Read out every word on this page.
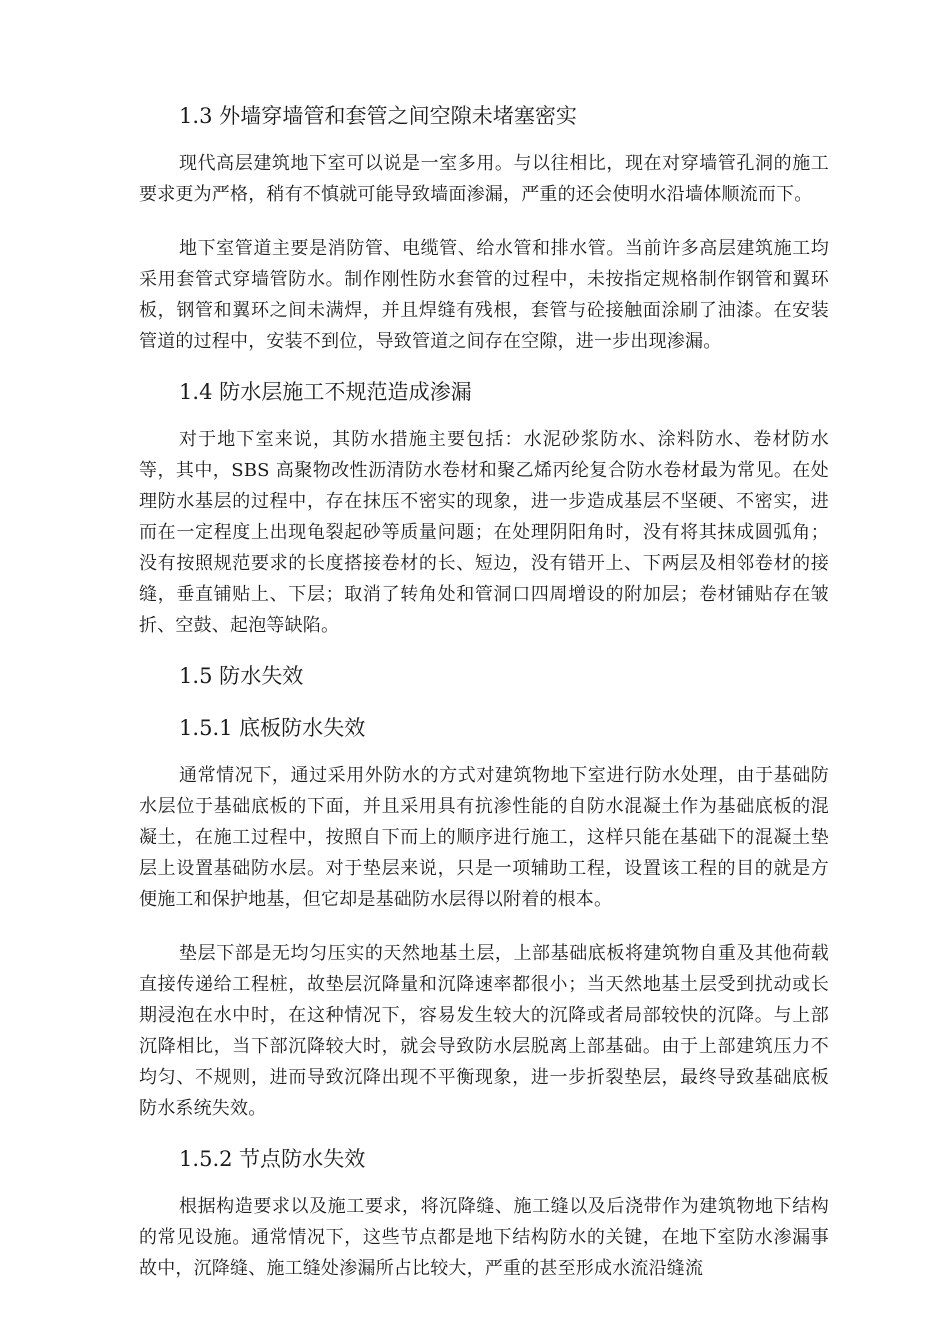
1.3 外墙穿墙管和套管之间空隙未堵塞密实

现代高层建筑地下室可以说是一室多用。与以往相比，现在对穿墙管孔洞的施工要求更为严格，稍有不慎就可能导致墙面渗漏，严重的还会使明水沿墙体顺流而下。

地下室管道主要是消防管、电缆管、给水管和排水管。当前许多高层建筑施工均采用套管式穿墙管防水。制作刚性防水套管的过程中，未按指定规格制作钢管和翼环板，钢管和翼环之间未满焊，并且焊缝有残根，套管与砼接触面涂刷了油漆。在安装管道的过程中，安装不到位，导致管道之间存在空隙，进一步出现渗漏。

1.4 防水层施工不规范造成渗漏

对于地下室来说，其防水措施主要包括：水泥砂浆防水、涂料防水、卷材防水等，其中，SBS 高聚物改性沥清防水卷材和聚乙烯丙纶复合防水卷材最为常见。在处理防水基层的过程中，存在抹压不密实的现象，进一步造成基层不坚硬、不密实，进而在一定程度上出现龟裂起砂等质量问题；在处理阴阳角时，没有将其抹成圆弧角；没有按照规范要求的长度搭接卷材的长、短边，没有错开上、下两层及相邻卷材的接缝，垂直铺贴上、下层；取消了转角处和管洞口四周增设的附加层；卷材铺贴存在皱折、空鼓、起泡等缺陷。

1.5 防水失效
1.5.1 底板防水失效

通常情况下，通过采用外防水的方式对建筑物地下室进行防水处理，由于基础防水层位于基础底板的下面，并且采用具有抗渗性能的自防水混凝土作为基础底板的混凝土，在施工过程中，按照自下而上的顺序进行施工，这样只能在基础下的混凝土垫层上设置基础防水层。对于垫层来说，只是一项辅助工程，设置该工程的目的就是方便施工和保护地基，但它却是基础防水层得以附着的根本。

垫层下部是无均匀压实的天然地基土层，上部基础底板将建筑物自重及其他荷载直接传递给工程桩，故垫层沉降量和沉降速率都很小；当天然地基土层受到扰动或长期浸泡在水中时，在这种情况下，容易发生较大的沉降或者局部较快的沉降。与上部沉降相比，当下部沉降较大时，就会导致防水层脱离上部基础。由于上部建筑压力不均匀、不规则，进而导致沉降出现不平衡现象，进一步折裂垫层，最终导致基础底板防水系统失效。

1.5.2 节点防水失效

根据构造要求以及施工要求，将沉降缝、施工缝以及后浇带作为建筑物地下结构的常见设施。通常情况下，这些节点都是地下结构防水的关键，在地下室防水渗漏事故中，沉降缝、施工缝处渗漏所占比较大，严重的甚至形成水流沿缝流
